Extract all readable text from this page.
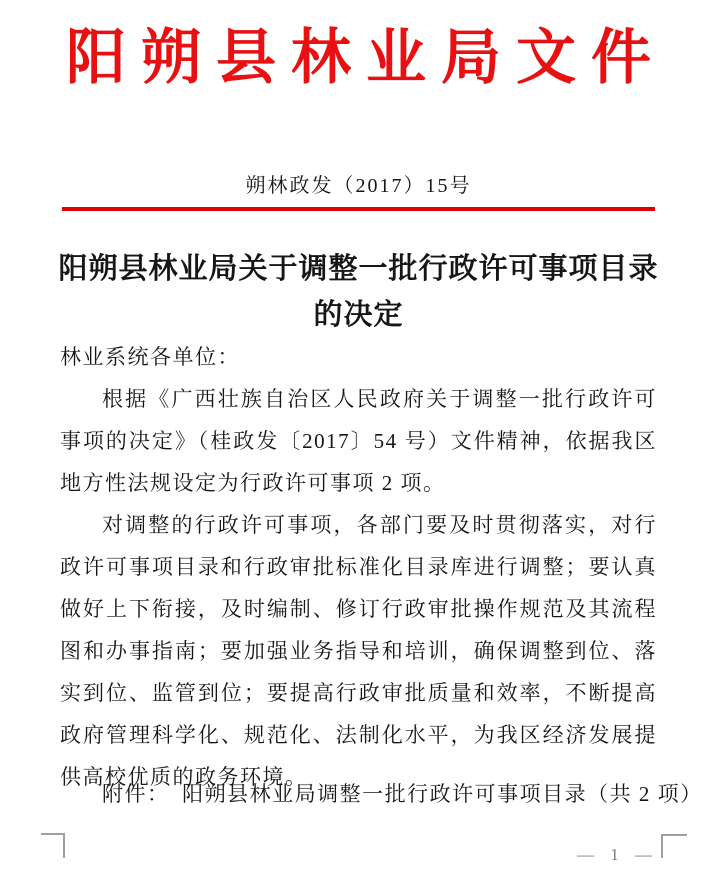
阳朔县林业局文件
朔林政发（2017）15号
阳朔县林业局关于调整一批行政许可事项目录
的决定

林业系统各单位：

根据《广西壮族自治区人民政府关于调整一批行政许可事项的决定》（桂政发〔2017〕54 号）文件精神，依据我区地方性法规设定为行政许可事项 2 项。

对调整的行政许可事项，各部门要及时贯彻落实，对行政许可事项目录和行政审批标准化目录库进行调整；要认真做好上下衔接，及时编制、修订行政审批操作规范及其流程图和办事指南；要加强业务指导和培训，确保调整到位、落实到位、监管到位；要提高行政审批质量和效率，不断提高政府管理科学化、规范化、法制化水平，为我区经济发展提供高校优质的政务环境。

附件： 阳朔县林业局调整一批行政许可事项目录（共 2 项）
— 1 —
